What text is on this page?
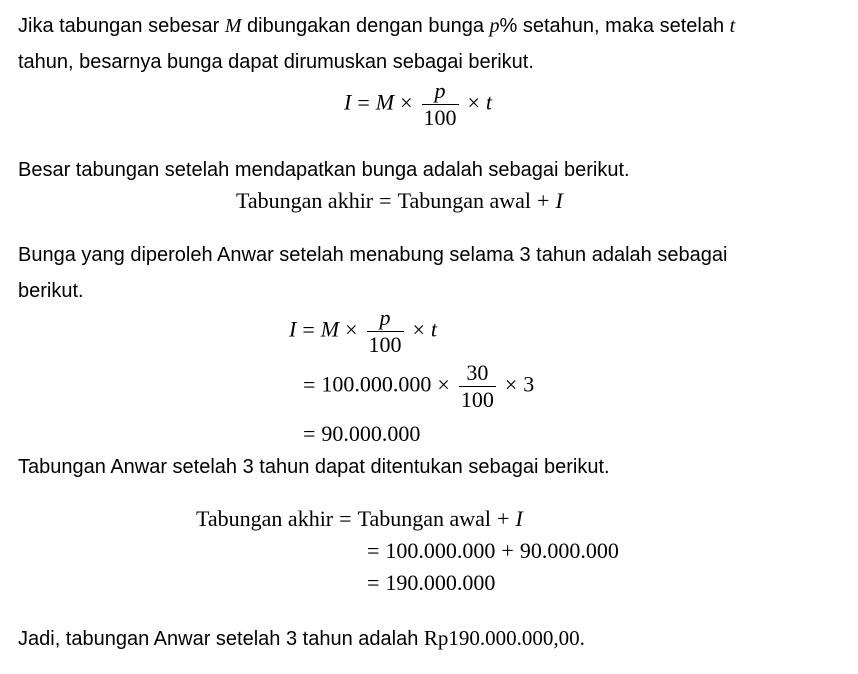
Jika tabungan sebesar M dibungakan dengan bunga p% setahun, maka setelah t
tahun, besarnya bunga dapat dirumuskan sebagai berikut.
$I = M \times \frac{p}{100} \times t$
Besar tabungan setelah mendapatkan bunga adalah sebagai berikut.
Tabungan akhir = Tabungan awal + I
Bunga yang diperoleh Anwar setelah menabung selama 3 tahun adalah sebagai
berikut.
$I = M \times \frac{p}{100} \times t$
= $100.000.000 \times \frac{30}{100} \times 3$
= 90.000.000
Tabungan Anwar setelah 3 tahun dapat ditentukan sebagai berikut.
Tabungan akhir = Tabungan awal + I
= 100.000.000 + 90.000.000
= 190.000.000
Jadi, tabungan Anwar setelah 3 tahun adalah Rp190.000.000,00.
